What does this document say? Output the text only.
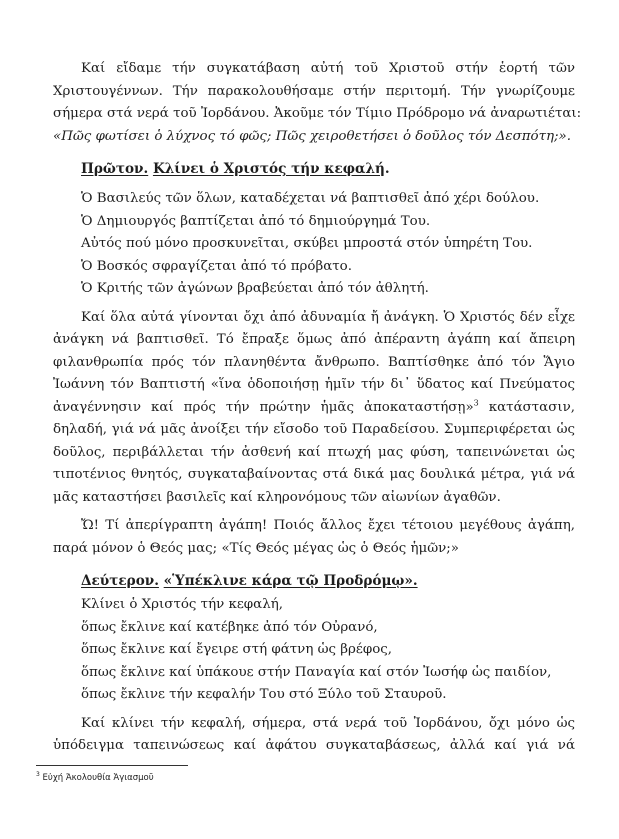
Καί εἴδαμε τήν συγκατάβαση αὐτή τοῦ Χριστοῦ στήν ἑορτή τῶν
Χριστουγέννων. Τήν παρακολουθήσαμε στήν περιτομή. Τήν γνωρίζουμε
σήμερα στά νερά τοῦ Ἰορδάνου. Ἀκοῦμε τόν Τίμιο Πρόδρομο νά ἀναρωτιέται:
«Πῶς φωτίσει ὁ λύχνος τό φῶς; Πῶς χειροθετήσει ὁ δοῦλος τόν Δεσπότη;».
Πρῶτον. Κλίνει ὁ Χριστός τήν κεφαλή.
Ὁ Βασιλεύς τῶν ὅλων, καταδέχεται νά βαπτισθεῖ ἀπό χέρι δούλου.
Ὁ Δημιουργός βαπτίζεται ἀπό τό δημιούργημά Του.
Αὐτός πού μόνο προσκυνεῖται, σκύβει μπροστά στόν ὑπηρέτη Του.
Ὁ Βοσκός σφραγίζεται ἀπό τό πρόβατο.
Ὁ Κριτής τῶν ἀγώνων βραβεύεται ἀπό τόν ἀθλητή.
Καί ὅλα αὐτά γίνονται ὄχι ἀπό ἀδυναμία ἤ ἀνάγκη. Ὁ Χριστός δέν εἶχε
ἀνάγκη νά βαπτισθεῖ. Τό ἔπραξε ὅμως ἀπό ἀπέραντη ἀγάπη καί ἄπειρη
φιλανθρωπία πρός τόν πλανηθέντα ἄνθρωπο. Βαπτίσθηκε ἀπό τόν Ἅγιο
Ἰωάννη τόν Βαπτιστή «ἵνα ὁδοποιήσῃ ἡμῖν τήν δι᾽ ὕδατος καί Πνεύματος
ἀναγέννησιν καί πρός τήν πρώτην ἡμᾶς ἀποκαταστήσῃ»$^3$ κατάστασιν,
δηλαδή, γιά νά μᾶς ἀνοίξει τήν εἴσοδο τοῦ Παραδείσου. Συμπεριφέρεται ὡς
δοῦλος, περιβάλλεται τήν ἀσθενή καί πτωχή μας φύση, ταπεινώνεται ὡς
τιποτένιος θνητός, συγκαταβαίνοντας στά δικά μας δουλικά μέτρα, γιά νά
μᾶς καταστήσει βασιλεῖς καί κληρονόμους τῶν αἰωνίων ἀγαθῶν.
Ὤ! Τί ἀπερίγραπτη ἀγάπη! Ποιός ἄλλος ἔχει τέτοιου μεγέθους ἀγάπη,
παρά μόνον ὁ Θεός μας; «Τίς Θεός μέγας ὡς ὁ Θεός ἡμῶν;»
Δεύτερον. «Ὑπέκλινε κάρα τῷ Προδρόμῳ».
Κλίνει ὁ Χριστός τήν κεφαλή,
ὅπως ἔκλινε καί κατέβηκε ἀπό τόν Οὐρανό,
ὅπως ἔκλινε καί ἔγειρε στή φάτνη ὡς βρέφος,
ὅπως ἔκλινε καί ὑπάκουε στήν Παναγία καί στόν Ἰωσήφ ὡς παιδίον,
ὅπως ἔκλινε τήν κεφαλήν Του στό Ξύλο τοῦ Σταυροῦ.
Καί κλίνει τήν κεφαλή, σήμερα, στά νερά τοῦ Ἰορδάνου, ὄχι μόνο ὡς
ὑπόδειγμα ταπεινώσεως καί ἀφάτου συγκαταβάσεως, ἀλλά καί γιά νά
$^3$ Εὐχή Ἀκολουθία Ἁγιασμοῦ
